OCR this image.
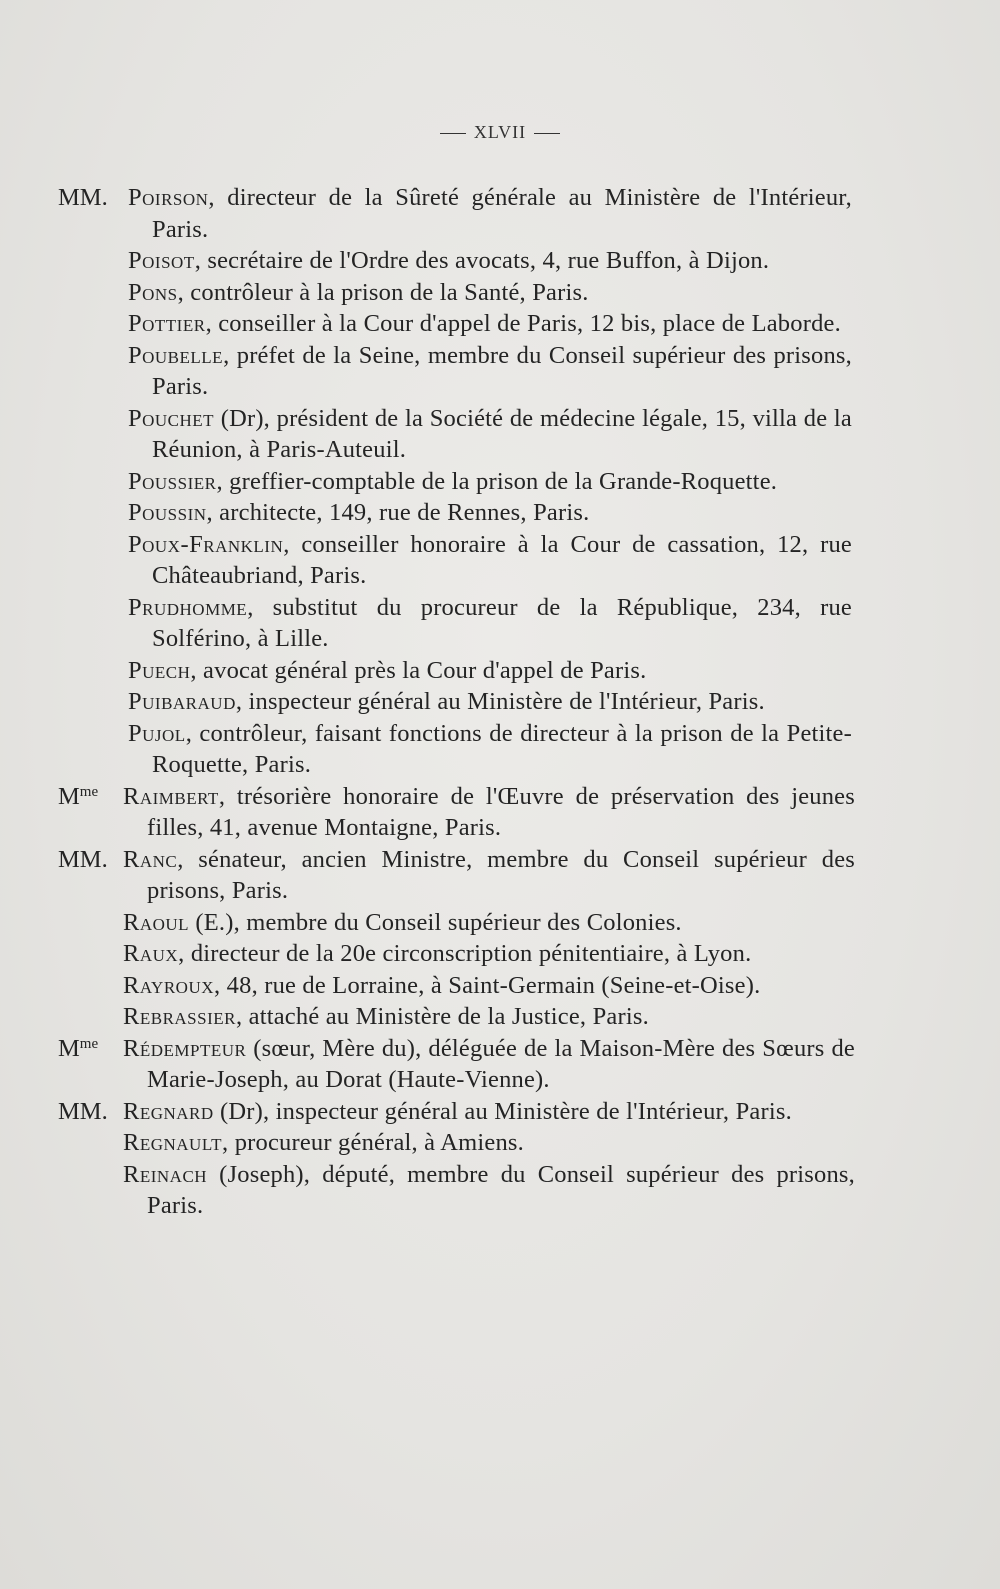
XLVII
MM. Poirson, directeur de la Sûreté générale au Ministère de l'Intérieur, Paris.
Poisot, secrétaire de l'Ordre des avocats, 4, rue Buffon, à Dijon.
Pons, contrôleur à la prison de la Santé, Paris.
Pottier, conseiller à la Cour d'appel de Paris, 12 bis, place de Laborde.
Poubelle, préfet de la Seine, membre du Conseil supérieur des prisons, Paris.
Pouchet (Dr), président de la Société de médecine légale, 15, villa de la Réunion, à Paris-Auteuil.
Poussier, greffier-comptable de la prison de la Grande-Roquette.
Poussin, architecte, 149, rue de Rennes, Paris.
Poux-Franklin, conseiller honoraire à la Cour de cassation, 12, rue Châteaubriand, Paris.
Prudhomme, substitut du procureur de la République, 234, rue Solférino, à Lille.
Puech, avocat général près la Cour d'appel de Paris.
Puibaraud, inspecteur général au Ministère de l'Intérieur, Paris.
Pujol, contrôleur, faisant fonctions de directeur à la prison de la Petite-Roquette, Paris.
$M^{me}$	Raimbert, trésorière honoraire de l'Œuvre de préservation des jeunes filles, 41, avenue Montaigne, Paris.
MM. Ranc, sénateur, ancien Ministre, membre du Conseil supérieur des prisons, Paris.
Raoul (E.), membre du Conseil supérieur des Colonies.
Raux, directeur de la 20e circonscription pénitentiaire, à Lyon.
Rayroux, 48, rue de Lorraine, à Saint-Germain (Seine-et-Oise).
Rebrassier, attaché au Ministère de la Justice, Paris.
$M^{me}$	Rédempteur (sœur, Mère du), déléguée de la Maison-Mère des Sœurs de Marie-Joseph, au Dorat (Haute-Vienne).
MM. Regnard (Dr), inspecteur général au Ministère de l'Intérieur, Paris.
Regnault, procureur général, à Amiens.
Reinach (Joseph), député, membre du Conseil supérieur des prisons, Paris.
